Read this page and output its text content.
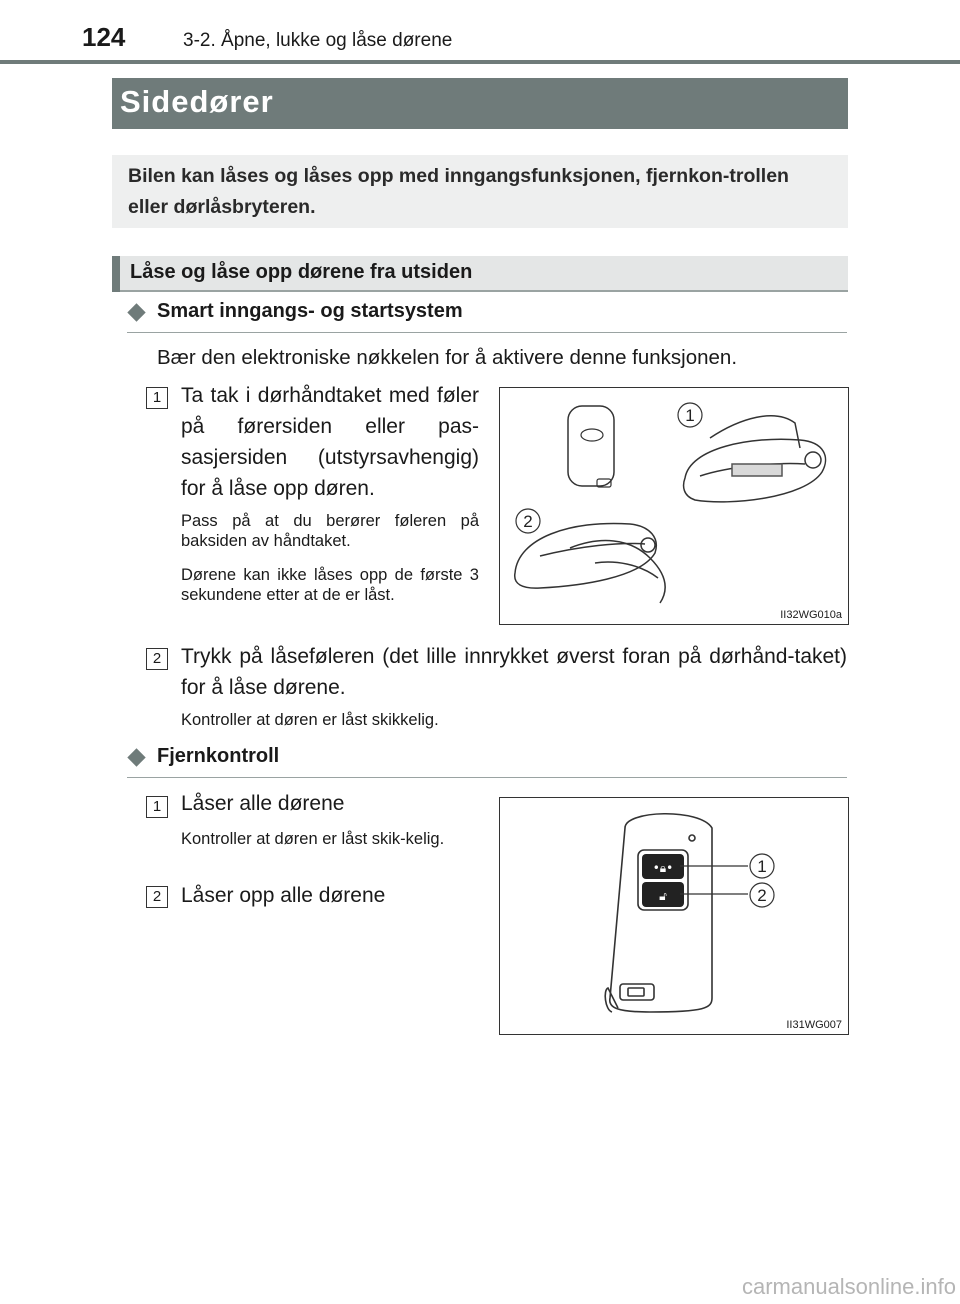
124	3-2. Åpne, lukke og låse dørene
Sidedører

Bilen kan låses og låses opp med inngangsfunksjonen, fjernkon-trollen eller dørlåsbryteren.

Låse og låse opp dørene fra utsiden
Smart inngangs- og startsystem
Bær den elektroniske nøkkelen for å aktivere denne funksjonen.
1 Ta tak i dørhåndtaket med føler på førersiden eller pas-sasjersiden (utstyrsavhengig) for å låse opp døren.
Pass på at du berører føleren på baksiden av håndtaket.
Dørene kan ikke låses opp de første 3 sekundene etter at de er låst.
1
2
II32WG010a
2 Trykk på låseføleren (det lille innrykket øverst foran på dørhånd-taket) for å låse dørene.
Kontroller at døren er låst skikkelig.
Fjernkontroll
1 Låser alle dørene
Kontroller at døren er låst skik-kelig.
2 Låser opp alle dørene
•🔒︎•
🔓︎
1
2
II31WG007
carmanualsonline.info
